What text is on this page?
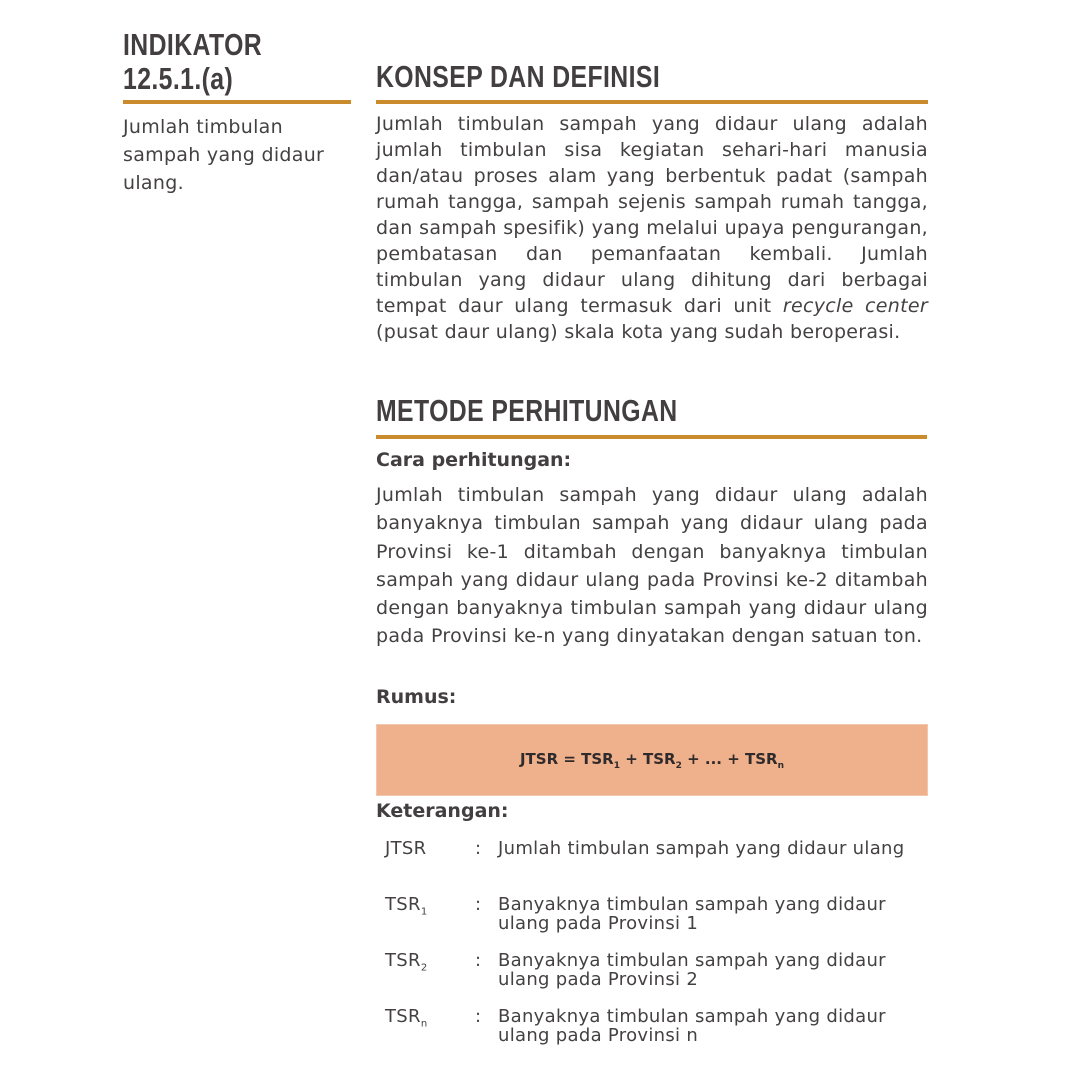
INDIKATOR
12.5.1.(a)
Jumlah timbulan sampah yang didaur ulang.
KONSEP DAN DEFINISI
Jumlah timbulan sampah yang didaur ulang adalah jumlah timbulan sisa kegiatan sehari-hari manusia dan/atau proses alam yang berbentuk padat (sampah rumah tangga, sampah sejenis sampah rumah tangga, dan sampah spesifik) yang melalui upaya pengurangan, pembatasan dan pemanfaatan kembali. Jumlah timbulan yang didaur ulang dihitung dari berbagai tempat daur ulang termasuk dari unit recycle center (pusat daur ulang) skala kota yang sudah beroperasi.
METODE PERHITUNGAN
Cara perhitungan:
Jumlah timbulan sampah yang didaur ulang adalah banyaknya timbulan sampah yang didaur ulang pada Provinsi ke-1 ditambah dengan banyaknya timbulan sampah yang didaur ulang pada Provinsi ke-2 ditambah dengan banyaknya timbulan sampah yang didaur ulang pada Provinsi ke-n yang dinyatakan dengan satuan ton.
Rumus:
JTSR = $TSR_1 + TSR_2$ + ... + $TSR_n$
Keterangan:
JTSR	: Jumlah timbulan sampah yang didaur ulang
$TSR_1$	: Banyaknya timbulan sampah yang didaur ulang pada Provinsi 1
$TSR_2$	: Banyaknya timbulan sampah yang didaur ulang pada Provinsi 2
$TSR_n$	: Banyaknya timbulan sampah yang didaur ulang pada Provinsi n
